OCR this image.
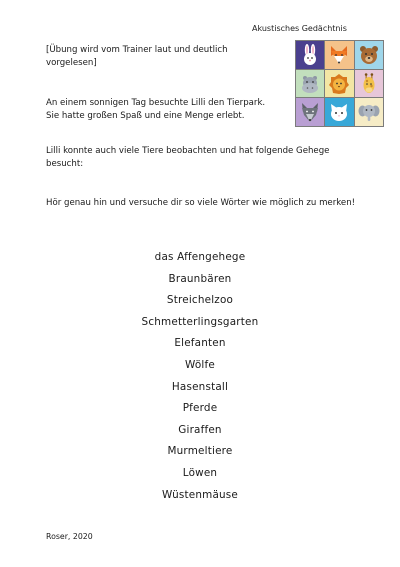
Akustisches Gedächtnis

[Übung wird vom Trainer laut und deutlich vorgelesen]

An einem sonnigen Tag besuchte Lilli den Tierpark. Sie hatte großen Spaß und eine Menge erlebt.

Lilli konnte auch viele Tiere beobachten und hat folgende Gehege besucht:

Hör genau hin und versuche dir so viele Wörter wie möglich zu merken!

das Affengehege
Braunbären
Streichelzoo
Schmetterlingsgarten
Elefanten
Wölfe
Hasenstall
Pferde
Giraffen
Murmeltiere
Löwen
Wüstenmäuse
Roser, 2020
